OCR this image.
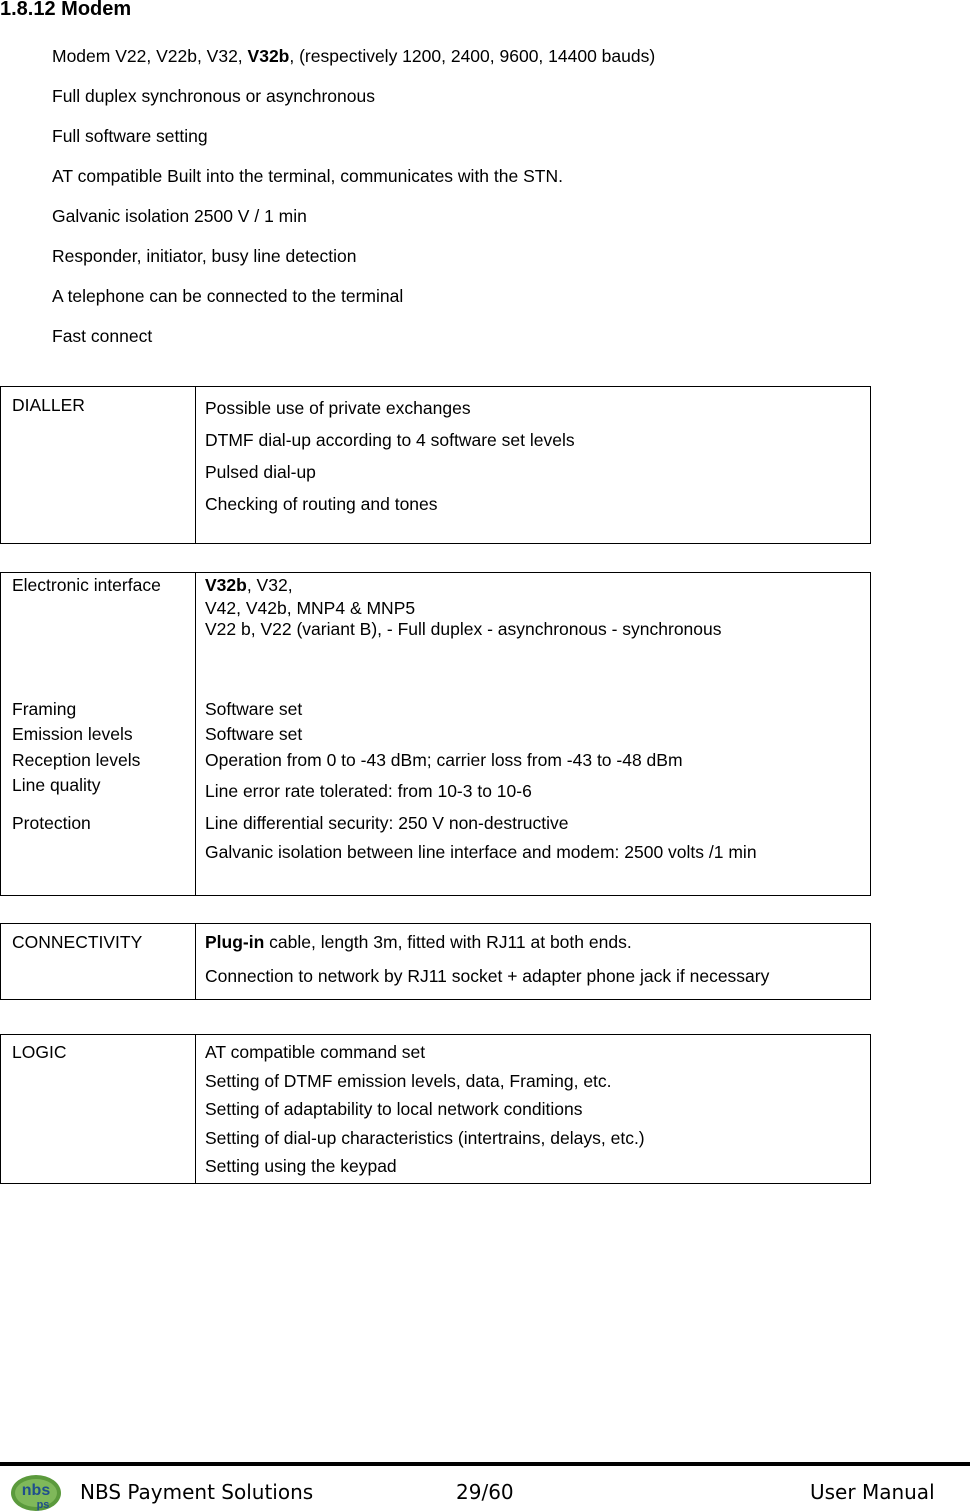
1.8.12 Modem
Modem V22, V22b, V32, V32b, (respectively 1200, 2400, 9600, 14400 bauds)
Full duplex synchronous or asynchronous
Full software setting
AT compatible Built into the terminal, communicates with the STN.
Galvanic isolation 2500 V / 1 min
Responder, initiator, busy line detection
A telephone can be connected to the terminal
Fast connect
DIALLER	Possible use of private exchanges
DTMF dial-up according to 4 software set levels
Pulsed dial-up
Checking of routing and tones
Electronic interface	V32b, V32,
V42, V42b, MNP4 & MNP5
V22 b, V22 (variant B), - Full duplex - asynchronous - synchronous
Framing	Software set
Emission levels	Software set
Reception levels	Operation from 0 to -43 dBm; carrier loss from -43 to -48 dBm
Line quality	Line error rate tolerated: from 10-3 to 10-6
Protection	Line differential security: 250 V non-destructive
Galvanic isolation between line interface and modem: 2500 volts /1 min
CONNECTIVITY	Plug-in cable, length 3m, fitted with RJ11 at both ends.
Connection to network by RJ11 socket + adapter phone jack if necessary
LOGIC	AT compatible command set
Setting of DTMF emission levels, data, Framing, etc.
Setting of adaptability to local network conditions
Setting of dial-up characteristics (intertrains, delays, etc.)
Setting using the keypad
nbs
ps
NBS Payment Solutions	29/60	User Manual
